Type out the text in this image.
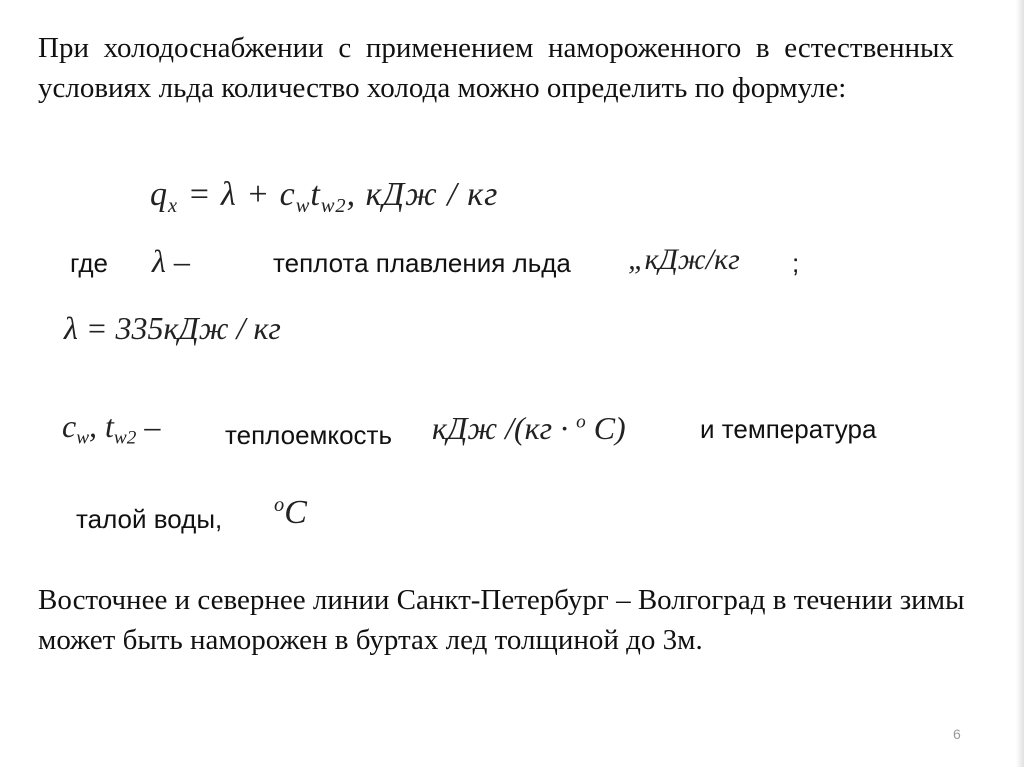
При холодоснабжении с применением намороженного в естественных условиях льда количество холода можно определить по формуле:

$q_x = \lambda + c_wt_{w2}$, кДж / кг
где λ –	теплота плавления льда „кДж/кг ;
λ = 335кДж / кг
$c_w$, $t_{w2}$ – теплоемкость кДж /(кг · $^o$ C)	и температура
талой воды,	$^o$C

Восточнее и севернее линии Санкт-Петербург – Волгоград в течении зимы может быть наморожен в буртах лед толщиной до 3м.

6
